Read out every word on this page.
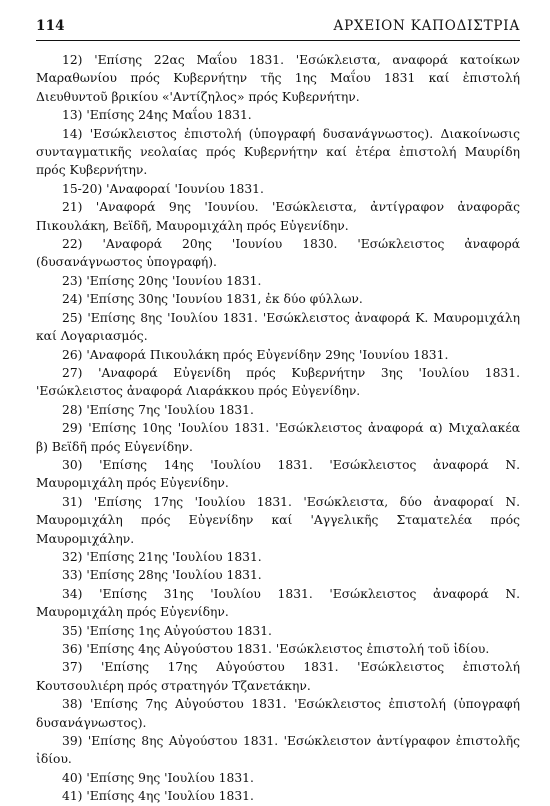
114	ΑΡΧΕΙΟΝ ΚΑΠΟΔΙΣΤΡΙΑ

12) 'Επίσης 22ας Μαΐου 1831. 'Εσώκλειστα, αναφορά κατοίκων Μαραθωνίου πρός Κυβερνήτην τῆς 1ης Μαΐου 1831 καί ἐπιστολή Διευθυντοῦ βρικίου «'Αντίζηλος» πρός Κυβερνήτην.

13) 'Επίσης 24ης Μαΐου 1831.

14) 'Εσώκλειστος ἐπιστολή (ὑπογραφή δυσανάγνωστος). Διακοίνωσις συνταγματικῆς νεολαίας πρός Κυβερνήτην καί ἑτέρα ἐπιστολή Μαυρίδη πρός Κυβερνήτην.

15-20) 'Αναφοραί 'Ιουνίου 1831.

21) 'Αναφορά 9ης 'Ιουνίου. 'Εσώκλειστα, ἀντίγραφον ἀναφορᾶς Πικουλάκη, Βεϊδῆ, Μαυρομιχάλη πρός Εὐγενίδην.

22) 'Αναφορά 20ης 'Ιουνίου 1830. 'Εσώκλειστος ἀναφορά (δυσανάγνωστος ὑπογραφή).

23) 'Επίσης 20ης 'Ιουνίου 1831.

24) 'Επίσης 30ης 'Ιουνίου 1831, ἐκ δύο φύλλων.

25) 'Επίσης 8ης 'Ιουλίου 1831. 'Εσώκλειστος ἀναφορά Κ. Μαυρομιχάλη καί Λογαριασμός.

26) 'Αναφορά Πικουλάκη πρός Εὐγενίδην 29ης 'Ιουνίου 1831.

27) 'Αναφορά Εὐγενίδη πρός Κυβερνήτην 3ης 'Ιουλίου 1831. 'Εσώκλειστος ἀναφορά Λιαράκκου πρός Εὐγενίδην.

28) 'Επίσης 7ης 'Ιουλίου 1831.

29) 'Επίσης 10ης 'Ιουλίου 1831. 'Εσώκλειστος ἀναφορά α) Μιχαλακέα β) Βεϊδῆ πρός Εὐγενίδην.

30) 'Επίσης 14ης 'Ιουλίου 1831. 'Εσώκλειστος ἀναφορά Ν. Μαυρομιχάλη πρός Εὐγενίδην.

31) 'Επίσης 17ης 'Ιουλίου 1831. 'Εσώκλειστα, δύο ἀναφοραί Ν. Μαυρομιχάλη πρός Εὐγενίδην καί 'Αγγελικῆς Σταματελέα πρός Μαυρομιχάλην.

32) 'Επίσης 21ης 'Ιουλίου 1831.

33) 'Επίσης 28ης 'Ιουλίου 1831.

34) 'Επίσης 31ης 'Ιουλίου 1831. 'Εσώκλειστος ἀναφορά Ν. Μαυρομιχάλη πρός Εὐγενίδην.

35) 'Επίσης 1ης Αὐγούστου 1831.

36) 'Επίσης 4ης Αὐγούστου 1831. 'Εσώκλειστος ἐπιστολή τοῦ ἰδίου.

37) 'Επίσης 17ης Αὐγούστου 1831. 'Εσώκλειστος ἐπιστολή Κουτσουλιέρη πρός στρατηγόν Τζανετάκην.

38) 'Επίσης 7ης Αὐγούστου 1831. 'Εσώκλειστος ἐπιστολή (ὑπογραφή δυσανάγνωστος).

39) 'Επίσης 8ης Αὐγούστου 1831. 'Εσώκλειστον ἀντίγραφον ἐπιστολῆς ἰδίου.

40) 'Επίσης 9ης 'Ιουλίου 1831.

41) 'Επίσης 4ης 'Ιουλίου 1831.
